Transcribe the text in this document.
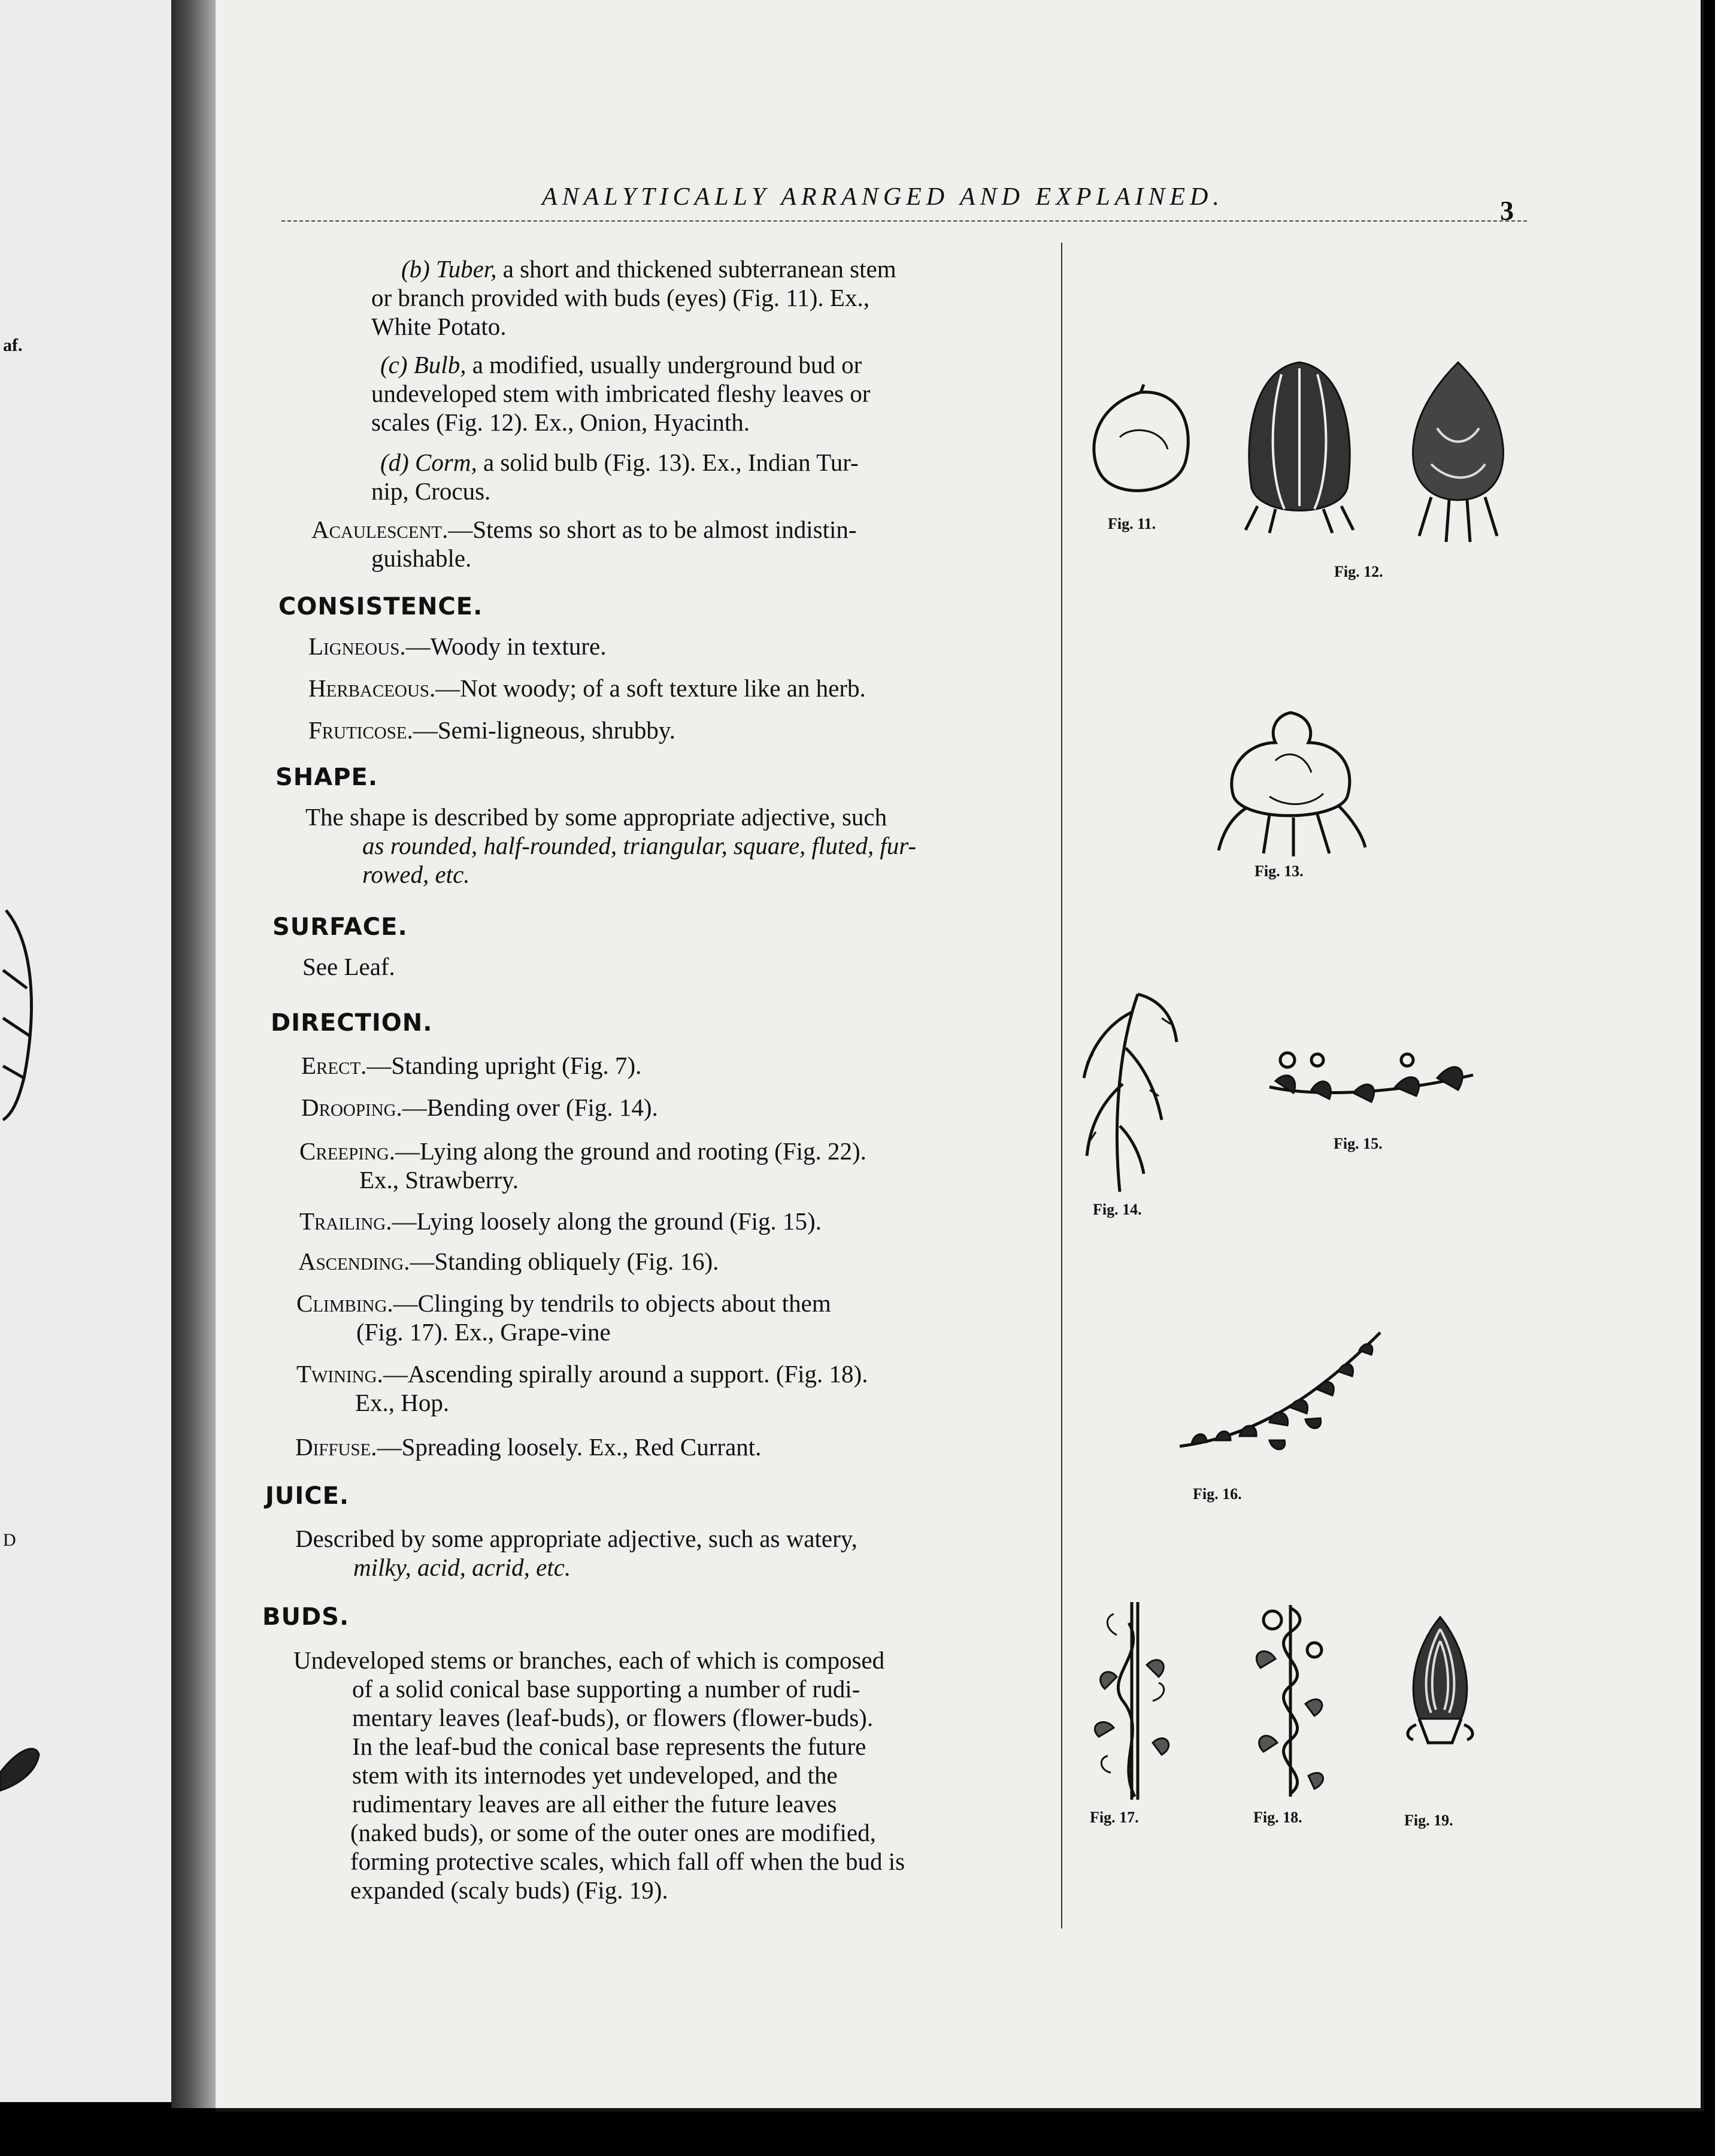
af.
D
ANALYTICALLY ARRANGED AND EXPLAINED.	3
(b) Tuber, a short and thickened subterranean stem
or branch provided with buds (eyes) (Fig. 11). Ex.,
White Potato.
(c) Bulb, a modified, usually underground bud or
undeveloped stem with imbricated fleshy leaves or
scales (Fig. 12). Ex., Onion, Hyacinth.
(d) Corm, a solid bulb (Fig. 13). Ex., Indian Tur-
nip, Crocus.
Acaulescent.—Stems so short as to be almost indistin-
guishable.
CONSISTENCE.
Ligneous.—Woody in texture.
Herbaceous.—Not woody; of a soft texture like an herb.
Fruticose.—Semi-ligneous, shrubby.
SHAPE.
The shape is described by some appropriate adjective, such
as rounded, half-rounded, triangular, square, fluted, fur-
rowed, etc.
SURFACE.
See Leaf.
DIRECTION.
Erect.—Standing upright (Fig. 7).
Drooping.—Bending over (Fig. 14).
Creeping.—Lying along the ground and rooting (Fig. 22).
Ex., Strawberry.
Trailing.—Lying loosely along the ground (Fig. 15).
Ascending.—Standing obliquely (Fig. 16).
Climbing.—Clinging by tendrils to objects about them
(Fig. 17). Ex., Grape-vine
Twining.—Ascending spirally around a support. (Fig. 18).
Ex., Hop.
Diffuse.—Spreading loosely. Ex., Red Currant.
JUICE.
Described by some appropriate adjective, such as watery,
milky, acid, acrid, etc.
BUDS.
Undeveloped stems or branches, each of which is composed
of a solid conical base supporting a number of rudi-
mentary leaves (leaf-buds), or flowers (flower-buds).
In the leaf-bud the conical base represents the future
stem with its internodes yet undeveloped, and the
rudimentary leaves are all either the future leaves
(naked buds), or some of the outer ones are modified,
forming protective scales, which fall off when the bud is
expanded (scaly buds) (Fig. 19).
Fig. 11.
Fig. 12.
Fig. 13.
Fig. 14.
Fig. 15.
Fig. 16.
Fig. 17.	Fig. 18.	Fig. 19.
